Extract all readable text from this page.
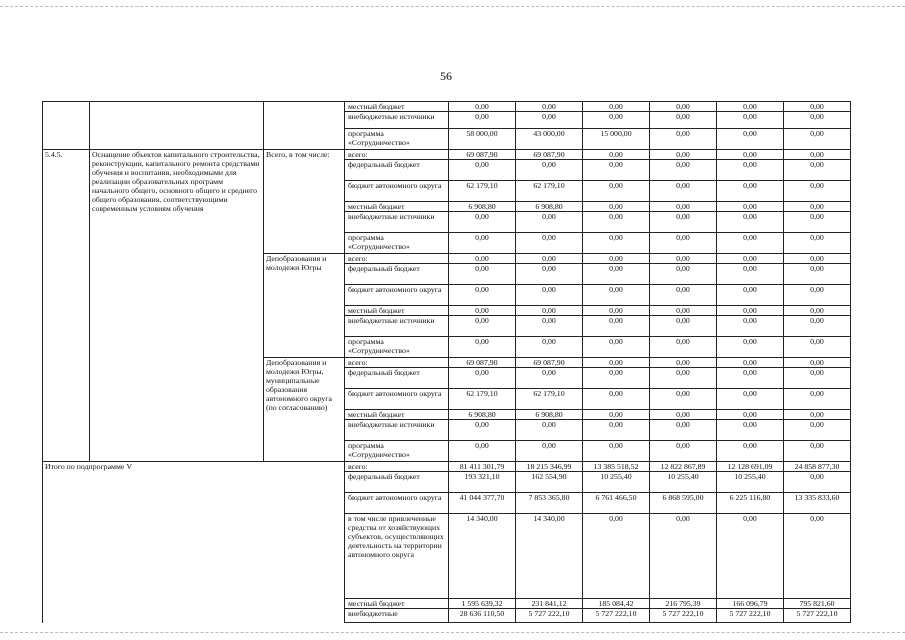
56
			местный бюджет	0,00	0,00	0,00	0,00	0,00	0,00
			внебюджетные источники	0,00	0,00	0,00	0,00	0,00	0,00
			программа «Сотрудничество»	58 000,00	43 000,00	15 000,00	0,00	0,00	0,00
5.4.5.	Оснащение объектов капитального строительства, реконструкции, капитального ремонта средствами обучения и воспитания, необходимыми для реализации образовательных программ начального общего, основного общего и среднего общего образования, соответствующими современным условиям обучения	Всего, в том числе:	всего:	69 087,90	69 087,90	0,00	0,00	0,00	0,00
			федеральный бюджет	0,00	0,00	0,00	0,00	0,00	0,00
			бюджет автономного округа	62 179,10	62 179,10	0,00	0,00	0,00	0,00
			местный бюджет	6 908,80	6 908,80	0,00	0,00	0,00	0,00
			внебюджетные источники	0,00	0,00	0,00	0,00	0,00	0,00
			программа «Сотрудничество»	0,00	0,00	0,00	0,00	0,00	0,00
		Депобразования и молодежи Югры	всего:	0,00	0,00	0,00	0,00	0,00	0,00
			федеральный бюджет	0,00	0,00	0,00	0,00	0,00	0,00
			бюджет автономного округа	0,00	0,00	0,00	0,00	0,00	0,00
			местный бюджет	0,00	0,00	0,00	0,00	0,00	0,00
			внебюджетные источники	0,00	0,00	0,00	0,00	0,00	0,00
			программа «Сотрудничество»	0,00	0,00	0,00	0,00	0,00	0,00
		Депобразования и молодежи Югры, муниципальные образования автономного округа (по согласованию)	всего:	69 087,90	69 087,90	0,00	0,00	0,00	0,00
			федеральный бюджет	0,00	0,00	0,00	0,00	0,00	0,00
			бюджет автономного округа	62 179,10	62 179,10	0,00	0,00	0,00	0,00
			местный бюджет	6 908,80	6 908,80	0,00	0,00	0,00	0,00
			внебюджетные источники	0,00	0,00	0,00	0,00	0,00	0,00
			программа «Сотрудничество»	0,00	0,00	0,00	0,00	0,00	0,00
Итого по подпрограмме V			всего:	81 411 301,79	18 215 346,99	13 385 518,52	12 822 867,89	12 128 691,09	24 858 877,30
			федеральный бюджет	193 321,10	162 554,90	10 255,40	10 255,40	10 255,40	0,00
			бюджет автономного округа	41 044 377,70	7 853 365,80	6 761 466,50	6 868 595,00	6 225 116,80	13 335 833,60
			в том числе привлеченные средства от хозяйствующих субъектов, осуществляющих деятельность на территории автономного округа	14 340,00	14 340,00	0,00	0,00	0,00	0,00
			местный бюджет	1 595 639,32	231 841,12	185 084,42	216 795,39	166 096,79	795 821,60
			внебюджетные	28 636 110,50	5 727 222,10	5 727 222,10	5 727 222,10	5 727 222,10	5 727 222,10
